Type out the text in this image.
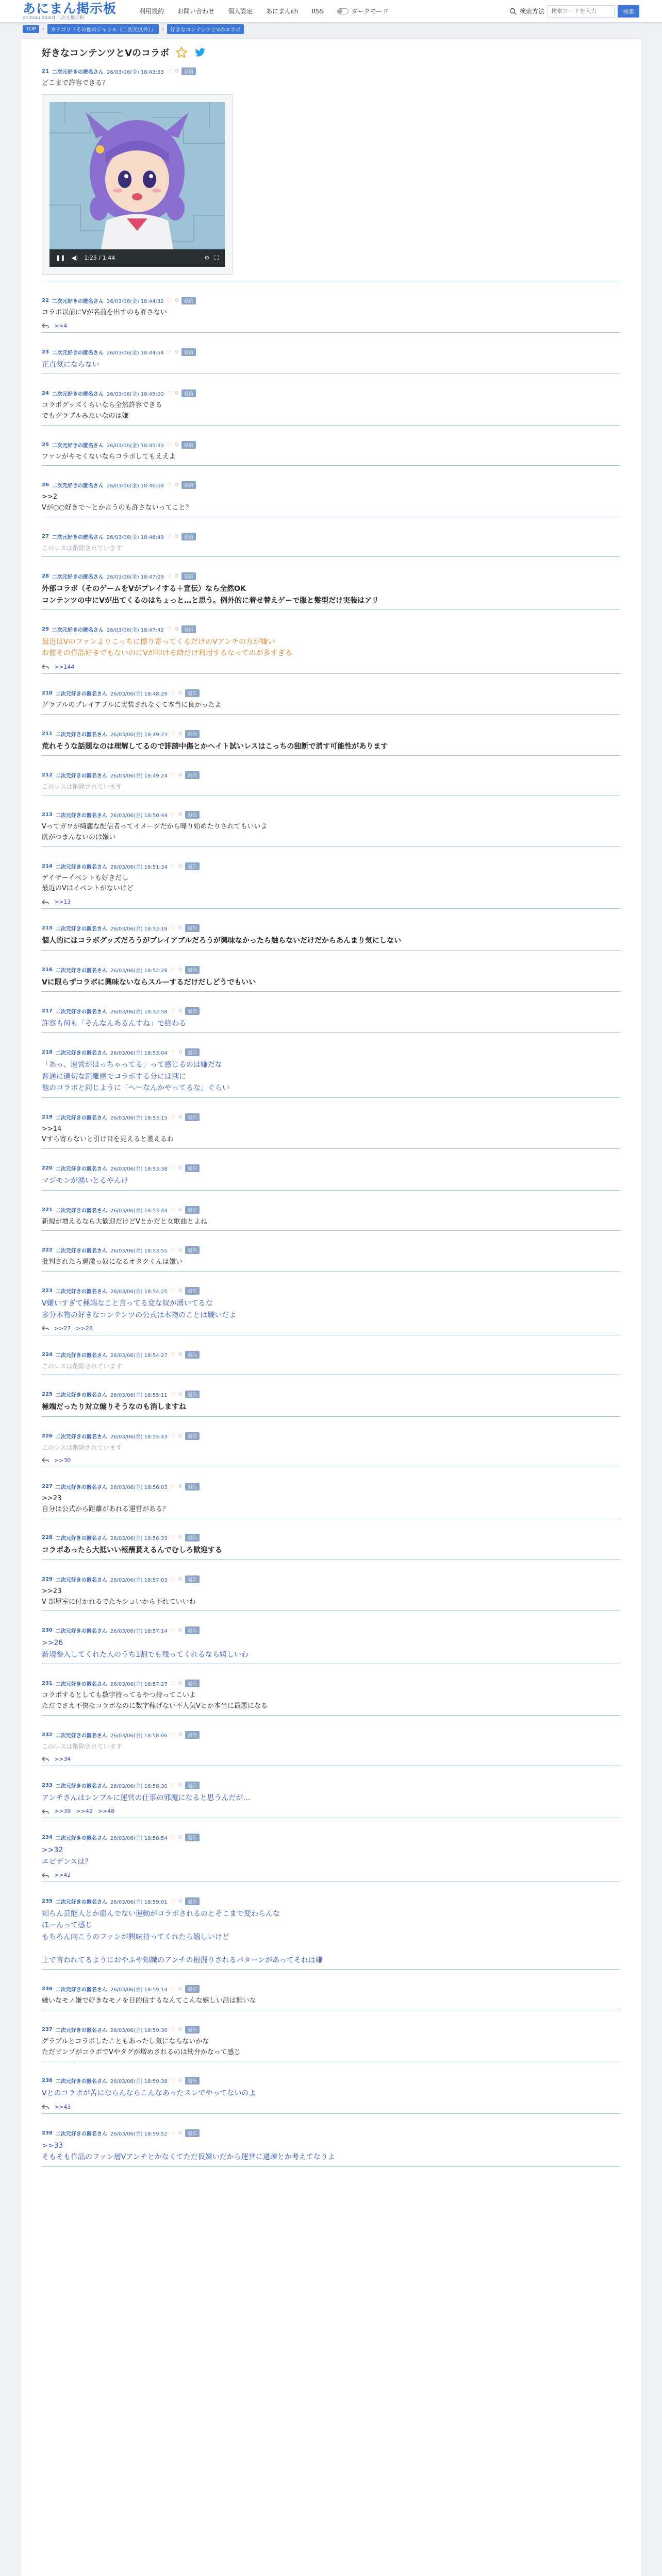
あにまん掲示板
animan board 二次元掲示板
利用規約 お問い合わせ 個人設定 あにまんch RSS	ダークモード	検索方法
検索ワードを入力	検索
TOP	›	カテゴリ「その他のジャンル（二次元以外）」	›	好きなコンテンツとVのコラボ
好きなコンテンツとVのコラボ
21 二次元好きの匿名さん 26/03/06(金) 18:43:33 ♡ 0	返信
どこまで許容できる？
❚❚ ◀) 1:25 / 1:44	⚙ ⛶
22 二次元好きの匿名さん 26/03/06(金) 18:44:32 ♡ 0	返信
コラボ以前にVが名前を出すのも許さない
>>4
23 二次元好きの匿名さん 26/03/06(金) 18:44:54 ♡ 0	返信
正直気にならない
24 二次元好きの匿名さん 26/03/06(金) 18:45:00 ♡ 0	返信
コラボグッズくらいなら全然許容できる
でもグラブルみたいなのは嫌
25 二次元好きの匿名さん 26/03/06(金) 18:45:33 ♡ 0	返信
ファンがキモくないならコラボしてもええよ
26 二次元好きの匿名さん 26/03/06(金) 18:46:09 ♡ 0	返信
>>2
Vが○○好きで〜とか言うのも許さないってこと？
27 二次元好きの匿名さん 26/03/06(金) 18:46:49 ♡ 0	返信
このレスは削除されています
28 二次元好きの匿名さん 26/03/06(金) 18:47:09 ♡ 0	返信
外部コラボ（そのゲームをVがプレイする＋宣伝）なら全然OK
コンテンツの中にVが出てくるのはちょっと…と思う。例外的に着せ替えゲーで服と髪型だけ実装はアリ
29 二次元好きの匿名さん 26/03/06(金) 18:47:42 ♡ 0	返信
最近はVのファンよりこっちに擦り寄ってくるだけのVアンチの方が嫌い
お前その作品好きでもないのにVが叩ける時だけ利用するなってのが多すぎる
>>144
210 二次元好きの匿名さん 26/03/06(金) 18:48:29 ♡ 0	返信
グラブルのプレイアブルに実装されなくて本当に良かったよ
211 二次元好きの匿名さん 26/03/06(金) 18:49:23 ♡ 0	返信
荒れそうな話題なのは理解してるので誹謗中傷とかヘイト試いレスはこっちの独断で消す可能性があります
212 二次元好きの匿名さん 26/03/06(金) 18:49:24 ♡ 0	返信
このレスは削除されています
213 二次元好きの匿名さん 26/03/06(金) 18:50:44 ♡ 0	返信
Vってガワが綺麗な配信者ってイメージだから喋り始めたりされてもいいよ
肌がつまんないのは嫌い
214 二次元好きの匿名さん 26/03/06(金) 18:51:34 ♡ 0	返信
ゲイザーイベントも好きだし
最近のVはイベントがないけど
>>13
215 二次元好きの匿名さん 26/03/06(金) 18:52:18 ♡ 0	返信
個人的にはコラボグッズだろうがプレイアブルだろうが興味なかったら触らないだけだからあんまり気にしない
216 二次元好きの匿名さん 26/03/06(金) 18:52:28 ♡ 0	返信
Vに限らずコラボに興味ないならスルーするだけだしどうでもいい
217 二次元好きの匿名さん 26/03/06(金) 18:52:58 ♡ 0	返信
許容も何も「そんなんあるんすね」で終わる
218 二次元好きの匿名さん 26/03/06(金) 18:53:04 ♡ 0	返信
「あっ、運営がはっちゃってる」って感じるのは嫌だな
普通に適切な距離感でコラボする分には別に
他のコラボと同じように「へ〜なんかやってるな」ぐらい
219 二次元好きの匿名さん 26/03/06(金) 18:53:15 ♡ 0	返信
>>14
Vすら寄らないと引け目を見えると萎えるわ
220 二次元好きの匿名さん 26/03/06(金) 18:53:38 ♡ 0	返信
マジモンが湧いとるやんけ
221 二次元好きの匿名さん 26/03/06(金) 18:53:44 ♡ 0	返信
新規が増えるなら大歓迎だけどVとかだと女歌曲とよね
222 二次元好きの匿名さん 26/03/06(金) 18:53:55 ♡ 0	返信
批判されたら過激っ奴になるオタクくんは嫌い
223 二次元好きの匿名さん 26/03/06(金) 18:54:25 ♡ 0	返信
V嫌いすぎて極端なこと言ってる変な奴が湧いてるな
多分本物の好きなコンテンツの公式は本物のことは嫌いだよ
>>27 >>28
224 二次元好きの匿名さん 26/03/06(金) 18:54:27 ♡ 0	返信
このレスは削除されています
225 二次元好きの匿名さん 26/03/06(金) 18:55:11 ♡ 0	返信
極端だったり対立煽りそうなのも消しますね
226 二次元好きの匿名さん 26/03/06(金) 18:55:43 ♡ 0	返信
このレスは削除されています
>>30
227 二次元好きの匿名さん 26/03/06(金) 18:56:03 ♡ 0	返信
>>23
自分は公式から距離があれる運営がある？
228 二次元好きの匿名さん 26/03/06(金) 18:56:33 ♡ 0	返信
コラボあったら大抵いい報酬貰えるんでむしろ歓迎する
229 二次元好きの匿名さん 26/03/06(金) 18:57:03 ♡ 0	返信
>>23
V 部屋室に付かれるでたキショいから不れていいわ
230 二次元好きの匿名さん 26/03/06(金) 18:57:14 ♡ 0	返信
>>26
新規参入してくれた人のうち1割でも残ってくれるなら嬉しいわ
231 二次元好きの匿名さん 26/03/06(金) 18:57:27 ♡ 0	返信
コラボするとしても数字持ってるやつ持ってこいよ
ただでさえ不快なコラボなのに数字稼げない不人気Vとか本当に最悪になる
232 二次元好きの匿名さん 26/03/06(金) 18:58:06 ♡ 0	返信
このレスは削除されています
>>34
233 二次元好きの匿名さん 26/03/06(金) 18:58:30 ♡ 0	返信
アンチさんはシンプルに運営の仕事の邪魔になると思うんだが…
>>39 >>42 >>48
234 二次元好きの匿名さん 26/03/06(金) 18:58:54 ♡ 0	返信
>>32
エビデンスは？
>>42
235 二次元好きの匿名さん 26/03/06(金) 18:59:01 ♡ 0	返信
知らん芸能人とか雇んでない運動がコラボされるのとそこまで変わらんな
ほーんって感じ
もちろん向こうのファンが興味持ってくれたら嬉しいけど

上で言われてるようにおやふや知識のアンチの根掘りされるパターンがあってそれは嫌
236 二次元好きの匿名さん 26/03/06(金) 18:59:14 ♡ 0	返信
嫌いなモノ嫌で好きなモノを目的信するなんてこんな嬉しい話は無いな
237 二次元好きの匿名さん 26/03/06(金) 18:59:30 ♡ 0	返信
グラブルとコラボしたこともあったし気にならないかな
ただピンプがコラボでVやタグが増めされるのは勘弁かなって感じ
238 二次元好きの匿名さん 26/03/06(金) 18:59:38 ♡ 0	返信
Vとのコラボが苦にならんならこんなあったスレでやってないのよ
>>43
239 二次元好きの匿名さん 26/03/06(金) 18:59:52 ♡ 0	返信
>>33
そもそも作品のファン層Vアンチとかなくてただ仮嫌いだから運営に過疎とか考えてなりよ
